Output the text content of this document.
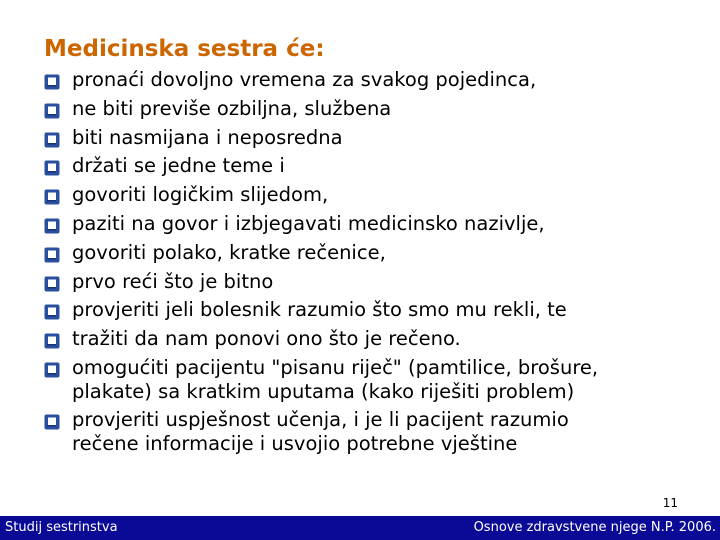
Medicinska sestra će:
pronaći dovoljno vremena za svakog pojedinca,
ne biti previše ozbiljna, službena
biti nasmijana i neposredna
držati se jedne teme i
govoriti logičkim slijedom,
paziti na govor i izbjegavati medicinsko nazivlje,
govoriti polako, kratke rečenice,
prvo reći što je bitno
provjeriti jeli bolesnik razumio što smo mu rekli, te
tražiti da nam ponovi ono što je rečeno.
omogućiti pacijentu "pisanu riječ" (pamtilice, brošure,
plakate) sa kratkim uputama (kako riješiti problem)
provjeriti uspješnost učenja, i je li pacijent razumio
rečene informacije i usvojio potrebne vještine
11
Studij sestrinstva	Osnove zdravstvene njege N.P. 2006.
